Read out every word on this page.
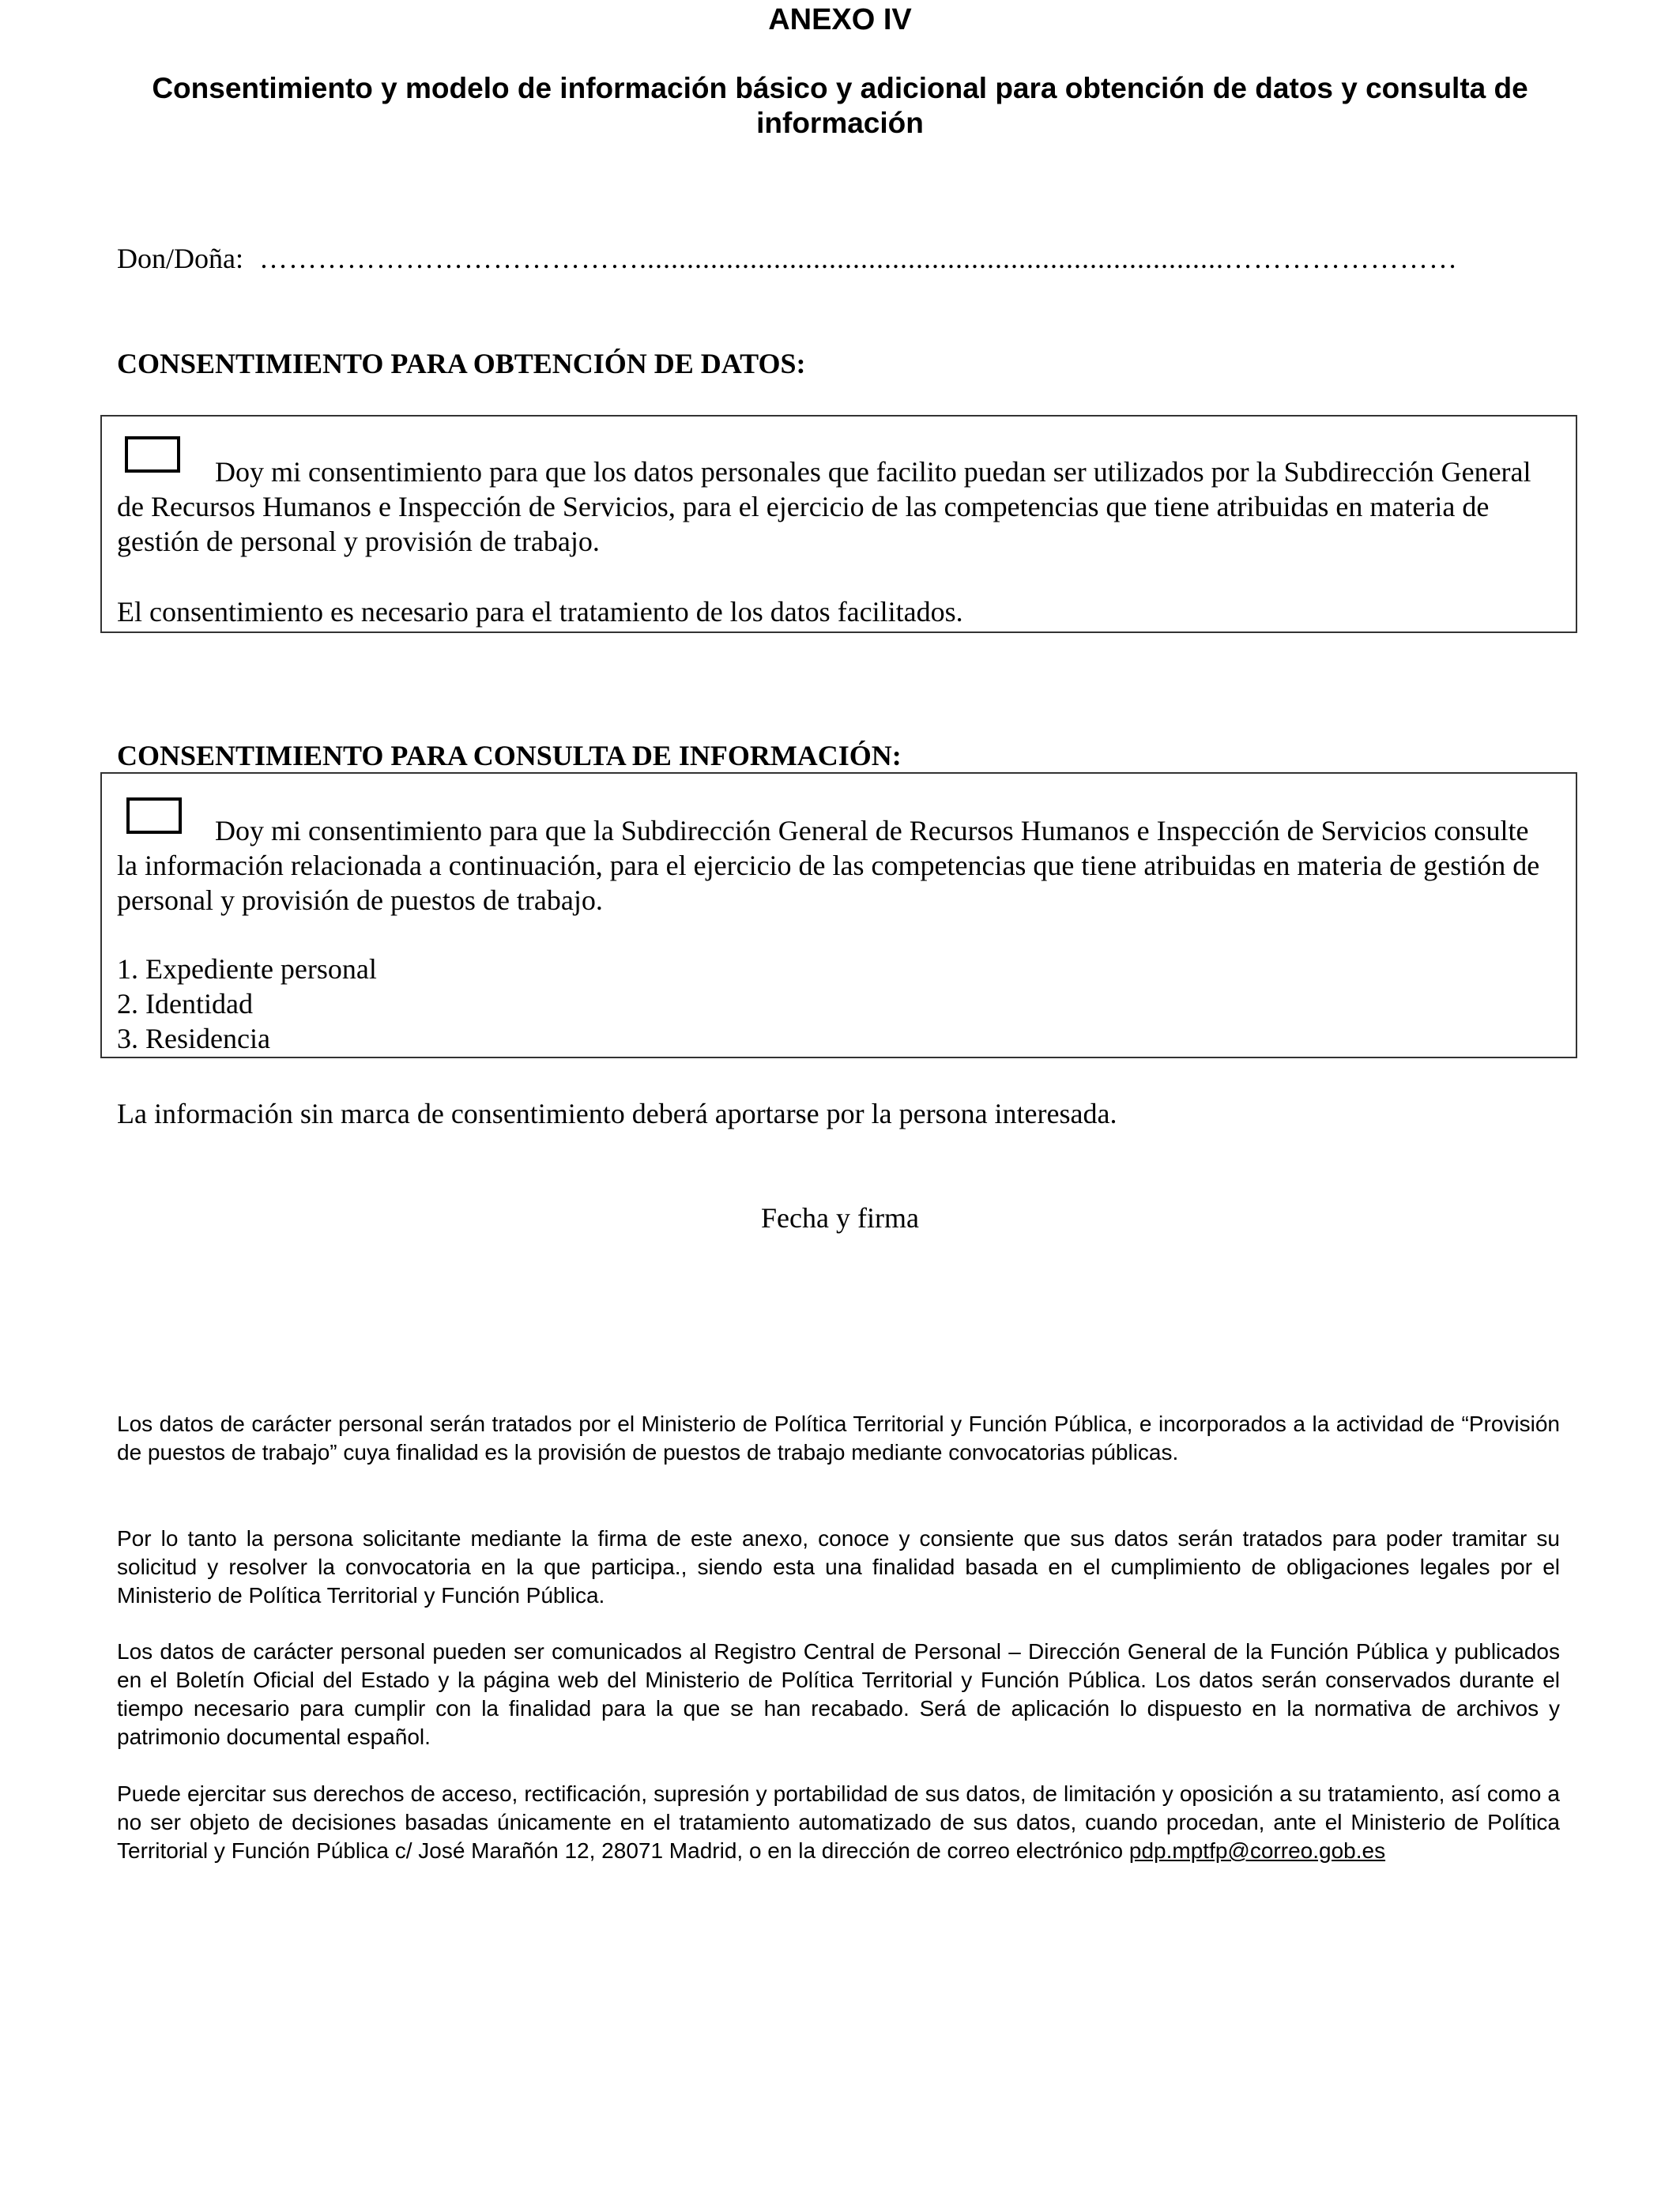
ANEXO IV
Consentimiento y modelo de información básico y adicional para obtención de datos y consulta de información
Don/Doña: …………………………………..........................................................................……………………
CONSENTIMIENTO PARA OBTENCIÓN DE DATOS:
Doy mi consentimiento para que los datos personales que facilito puedan ser utilizados por la Subdirección General de Recursos Humanos e Inspección de Servicios, para el ejercicio de las competencias que tiene atribuidas en materia de gestión de personal y provisión de trabajo.
El consentimiento es necesario para el tratamiento de los datos facilitados.
CONSENTIMIENTO PARA CONSULTA DE INFORMACIÓN:
Doy mi consentimiento para que la Subdirección General de Recursos Humanos e Inspección de Servicios consulte la información relacionada a continuación, para el ejercicio de las competencias que tiene atribuidas en materia de gestión de personal y provisión de puestos de trabajo.
1. Expediente personal
2. Identidad
3. Residencia
La información sin marca de consentimiento deberá aportarse por la persona interesada.
Fecha y firma
Los datos de carácter personal serán tratados por el Ministerio de Política Territorial y Función Pública, e incorporados a la actividad de “Provisión de puestos de trabajo” cuya finalidad es la provisión de puestos de trabajo mediante convocatorias públicas.
Por lo tanto la persona solicitante mediante la firma de este anexo, conoce y consiente que sus datos serán tratados para poder tramitar su solicitud y resolver la convocatoria en la que participa., siendo esta una finalidad basada en el cumplimiento de obligaciones legales por el Ministerio de Política Territorial y Función Pública.
Los datos de carácter personal pueden ser comunicados al Registro Central de Personal – Dirección General de la Función Pública y publicados en el Boletín Oficial del Estado y la página web del Ministerio de Política Territorial y Función Pública. Los datos serán conservados durante el tiempo necesario para cumplir con la finalidad para la que se han recabado. Será de aplicación lo dispuesto en la normativa de archivos y patrimonio documental español.
Puede ejercitar sus derechos de acceso, rectificación, supresión y portabilidad de sus datos, de limitación y oposición a su tratamiento, así como a no ser objeto de decisiones basadas únicamente en el tratamiento automatizado de sus datos, cuando procedan, ante el Ministerio de Política Territorial y Función Pública c/ José Marañón 12, 28071 Madrid, o en la dirección de correo electrónico pdp.mptfp@correo.gob.es
